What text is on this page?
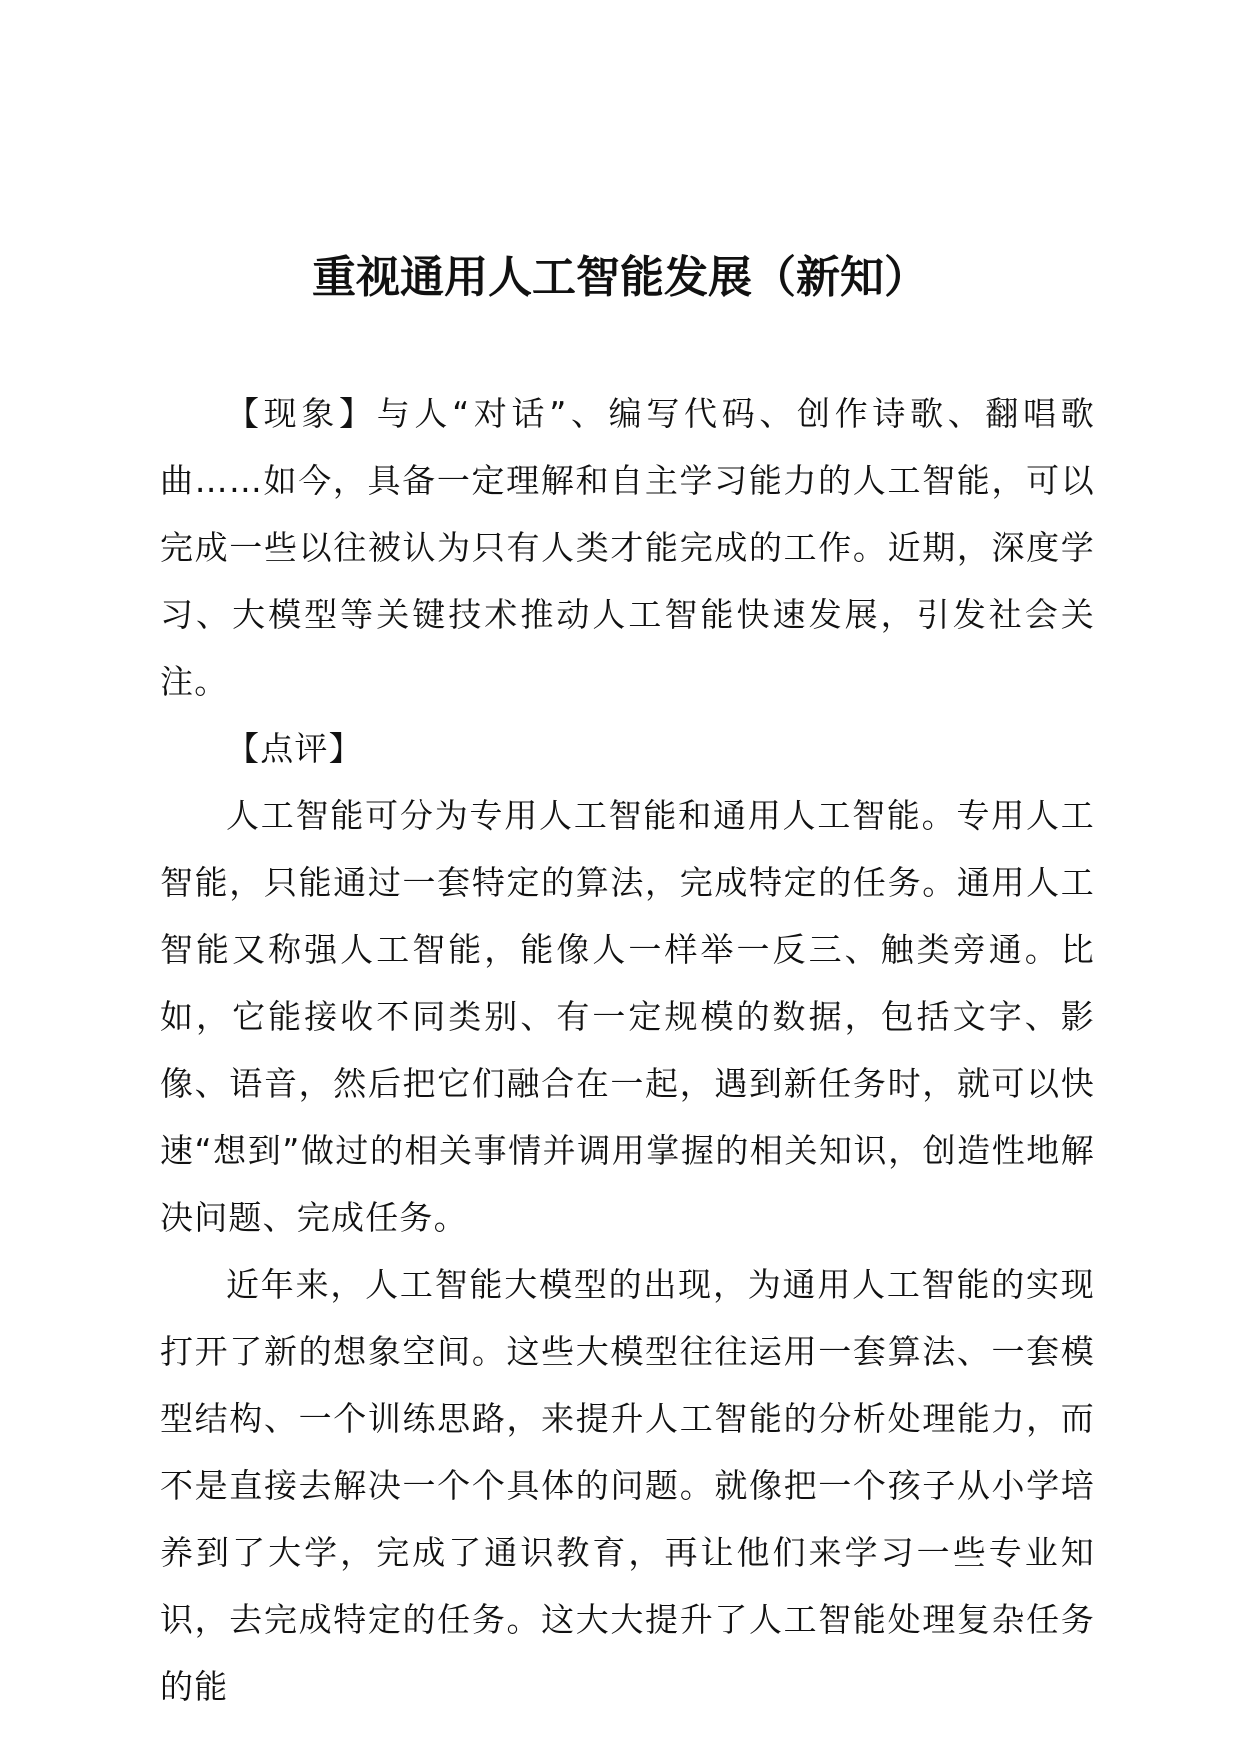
重视通用人工智能发展（新知）

【现象】与人“对话”、编写代码、创作诗歌、翻唱歌曲……如今，具备一定理解和自主学习能力的人工智能，可以完成一些以往被认为只有人类才能完成的工作。近期，深度学习、大模型等关键技术推动人工智能快速发展，引发社会关注。

【点评】

人工智能可分为专用人工智能和通用人工智能。专用人工智能，只能通过一套特定的算法，完成特定的任务。通用人工智能又称强人工智能，能像人一样举一反三、触类旁通。比如，它能接收不同类别、有一定规模的数据，包括文字、影像、语音，然后把它们融合在一起，遇到新任务时，就可以快速“想到”做过的相关事情并调用掌握的相关知识，创造性地解决问题、完成任务。

近年来，人工智能大模型的出现，为通用人工智能的实现打开了新的想象空间。这些大模型往往运用一套算法、一套模型结构、一个训练思路，来提升人工智能的分析处理能力，而不是直接去解决一个个具体的问题。就像把一个孩子从小学培养到了大学，完成了通识教育，再让他们来学习一些专业知识，去完成特定的任务。这大大提升了人工智能处理复杂任务的能
